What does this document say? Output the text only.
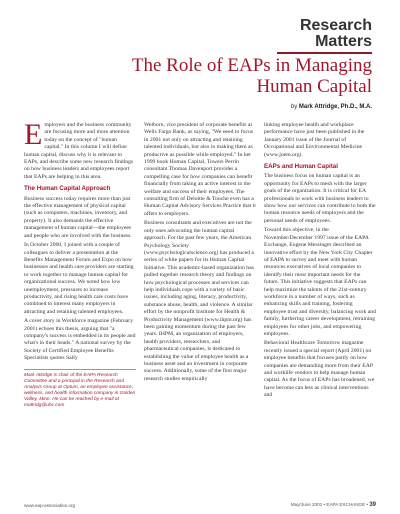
Research
Matters
The Role of EAPs in Managing Human Capital
by Mark Attridge, Ph.D., M.A.

Employers and the business community are focusing more and more attention today on the concept of "human capital." In this column I will define human capital, discuss why it is relevant to EAPs, and describe some new research findings on how business leaders and employees report that EAPs are helping in this area.

The Human Capital Approach

Business success today requires more than just the effective management of physical capital (such as computers, machines, inventory, and property). It also demands the effective management of human capital—the employees and people who are involved with the business.

In October 2000, I joined with a couple of colleagues to deliver a presentation at the Benefits Management Forum and Expo on how businesses and health care providers are starting to work together to manage human capital for organizational success. We noted how low unemployment, pressures to increase productivity, and rising health care costs have combined to interest many employers in attracting and retaining talented employees.

A cover story in Workforce magazine (February 2001) echoes this thesis, arguing that "a company's success is embedded in its people and what's in their heads." A national survey by the Society of Certified Employee Benefits Specialists quotes Sally

Mark Attridge is chair of the EAPA Research Committee and a principal in the Research and Analysis Group at Optum, an employee assistance, wellness, and health information company in Golden Valley, Minn. He can be reached by e-mail at mattridg@uhc.com

Welborn, vice president of corporate benefits at Wells Fargo Bank, as saying, "We need to focus in 2001 not only on attracting and retaining talented individuals, but also in making them as productive as possible while employed." In her 1999 book Human Capital, Towers Perrin consultant Thomas Davenport provides a compelling case for how companies can benefit financially from taking an active interest in the welfare and success of their employees. The consulting firm of Deloitte & Touche even has a Human Capital Advisory Services Practice that it offers to employers.

Business consultants and executives are not the only ones advocating the human capital approach. For the past few years, the American Psychology Society (www.psychologicalscience.org) has produced a series of white papers for its Human Capital Initiative. This academic-based organization has pulled together research theory and findings on how psychological processes and services can help individuals cope with a variety of basic issues, including aging, literacy, productivity, substance abuse, health, and violence. A similar effort by the nonprofit Institute for Health & Productivity Management (www.ihpm.org) has been gaining momentum during the past few years. IHPM, an organization of employers, health providers, researchers, and pharmaceutical companies, is dedicated to establishing the value of employee health as a business asset and an investment in corporate success. Additionally, some of the first major research studies empirically

linking employee health and workplace performance have just been published in the January 2001 issue of the Journal of Occupational and Environmental Medicine (www.joem.org).

EAPs and Human Capital

The business focus on human capital is an opportunity for EAPs to mesh with the larger goals of the organization. It is critical for EA professionals to work with business leaders to show how our services can contribute to both the human resource needs of employers and the personal needs of employees.

Toward this objective, in the November/December 1997 issue of the EAPA Exchange, Eugene Messinger described an innovative effort by the New York City Chapter of EAPA to survey and meet with human resources executives of local companies to identify their most important needs for the future. This initiative suggests that EAPs can help maximize the talents of the 21st-century workforce in a number of ways, such as enhancing skills and training, fostering employee trust and diversity, balancing work and family, furthering career development, retraining employees for other jobs, and empowering employees.

Behavioral Healthcare Tomorrow magazine recently issued a special report (April 2001) on employee benefits that focuses partly on how companies are demanding more from their EAP and worklife vendors to help manage human capital. As the focus of EAPs has broadened, we have become can less as clinical interventions and

www.eap-association.org	May/June 2001 • EAPA EXCHANGE • 39
